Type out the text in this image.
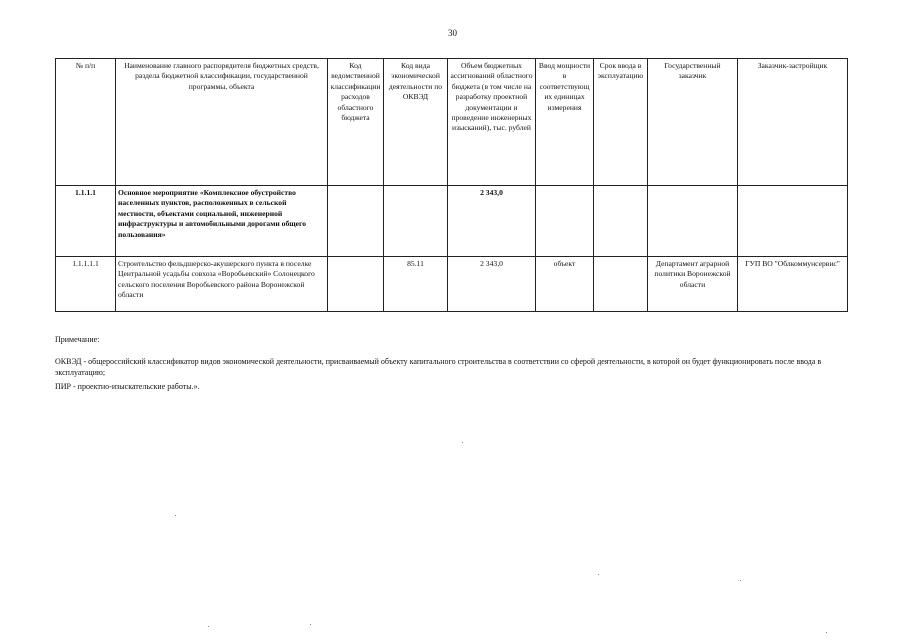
30
№ п/п	Наименование главного распорядителя бюджетных средств, раздела бюджетной классификации, государственной программы, объекта	Код ведомственной классификации расходов областного бюджета	Код вида экономической деятельности по ОКВЭД	Объем бюджетных ассигнований областного бюджета (в том числе на разработку проектной документации и проведение инженерных изысканий), тыс. рублей	Ввод мощности в соответствующих единицах измерения	Срок ввода в эксплуатацию	Государственный заказчик	Заказчик-застройщик
1.1.1.1	Основное мероприятие «Комплексное обустройство населенных пунктов, расположенных в сельской местности, объектами социальной, инженерной инфраструктуры и автомобильными дорогами общего пользования»			2 343,0				
1.1.1.1.1	Строительство фельдшерско-акушерского пункта в поселке Центральной усадьбы совхоза «Воробьевский» Солонецкого сельского поселения Воробьевского района Воронежской области		85.11	2 343,0	объект		Департамент аграрной политики Воронежской области	ГУП ВО "Облкоммунсервис"

Примечание:

ОКВЭД - общероссийский классификатор видов экономической деятельности, присваиваемый объекту капитального строительства в соответствии со сферой деятельности, в которой он будет функционировать после ввода в эксплуатацию;

ПИР - проектно-изыскательские работы.».
